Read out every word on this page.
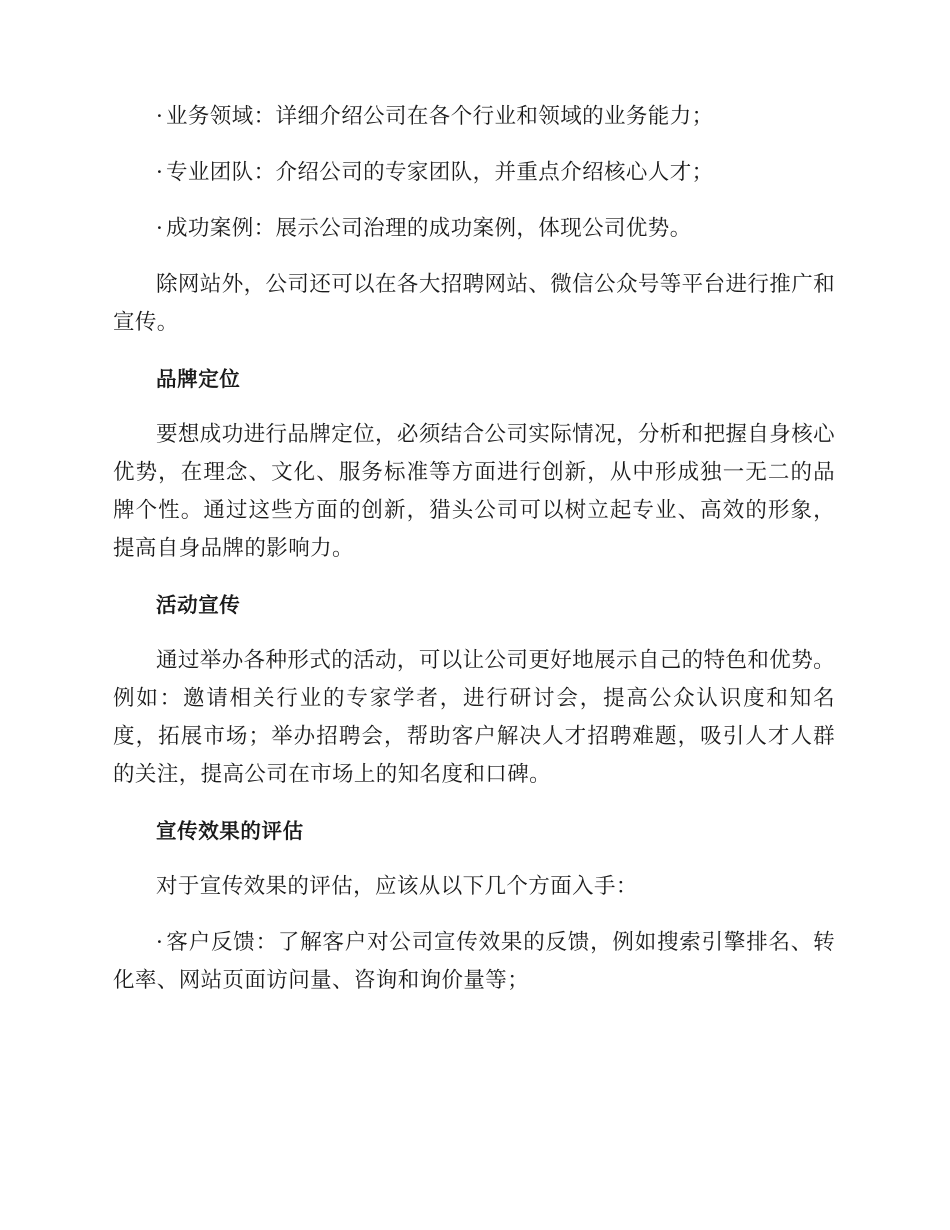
· 业务领域：详细介绍公司在各个行业和领域的业务能力；

· 专业团队：介绍公司的专家团队，并重点介绍核心人才；

· 成功案例：展示公司治理的成功案例，体现公司优势。

除网站外，公司还可以在各大招聘网站、微信公众号等平台进行推广和宣传。

品牌定位

要想成功进行品牌定位，必须结合公司实际情况，分析和把握自身核心优势，在理念、文化、服务标准等方面进行创新，从中形成独一无二的品牌个性。通过这些方面的创新，猎头公司可以树立起专业、高效的形象，提高自身品牌的影响力。

活动宣传

通过举办各种形式的活动，可以让公司更好地展示自己的特色和优势。例如：邀请相关行业的专家学者，进行研讨会，提高公众认识度和知名度，拓展市场；举办招聘会，帮助客户解决人才招聘难题，吸引人才人群的关注，提高公司在市场上的知名度和口碑。

宣传效果的评估

对于宣传效果的评估，应该从以下几个方面入手：

· 客户反馈：了解客户对公司宣传效果的反馈，例如搜索引擎排名、转化率、网站页面访问量、咨询和询价量等；
